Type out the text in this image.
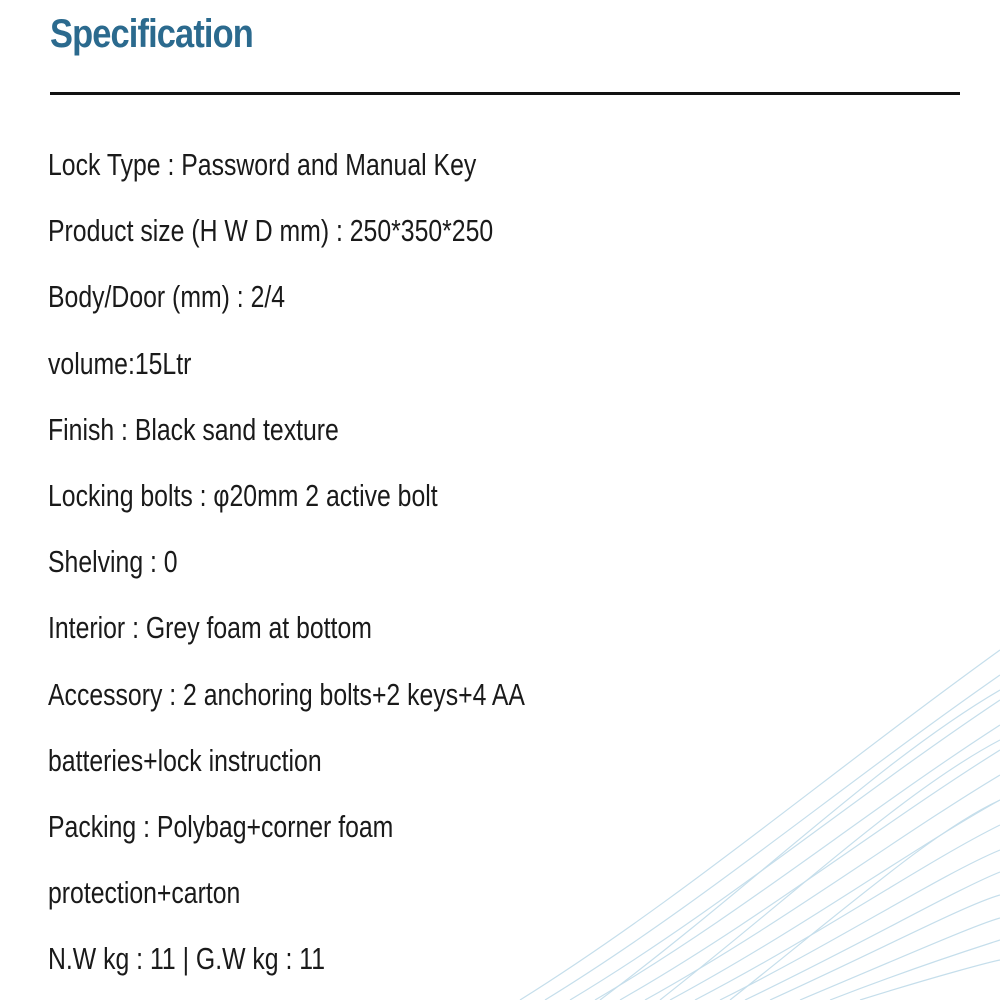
Specification
Lock Type : Password and Manual Key
Product size (H W D mm) : 250*350*250
Body/Door (mm) : 2/4
volume:15Ltr
Finish : Black sand texture
Locking bolts : φ20mm 2 active bolt
Shelving : 0
Interior : Grey foam at bottom
Accessory : 2 anchoring bolts+2 keys+4 AA
batteries+lock instruction
Packing : Polybag+corner foam
protection+carton
N.W kg : 11 | G.W kg : 11
